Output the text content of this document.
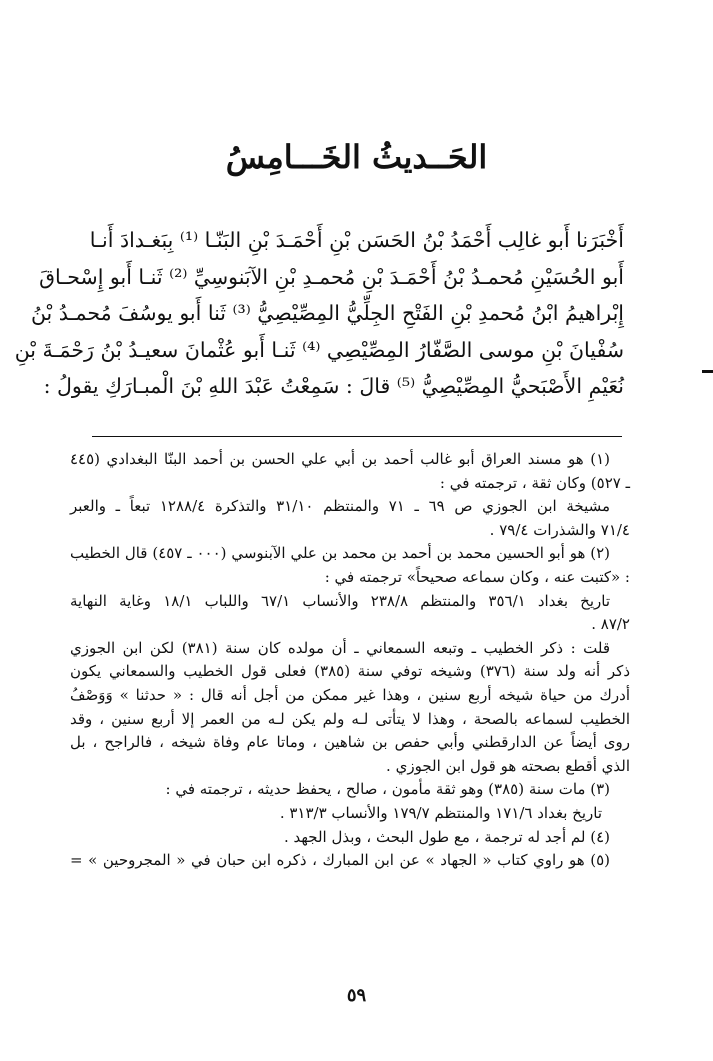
الحَــديثُ الخَـــامِسُ
أَخْبَرَنا أَبو غالِب أَحْمَدُ بْنُ الحَسَن بْنِ أَحْمَـدَ بْنِ البَنّـا ⁽¹⁾ بِبَغـدادَ أَنـا
أَبو الحُسَيْنِ مُحمـدُ بْنُ أَحْمَـدَ بْنِ مُحمـدِ بْنِ الآبَنوسِيِّ ⁽²⁾ ثَنـا أَبو إِسْحـاقَ
إِبْراهيمُ ابْنُ مُحمدِ بْنِ الفَتْحِ الجِلِّيُّ المِصِّيْصِيُّ ⁽³⁾ ثَنا أَبو يوسُفَ مُحمـدُ بْنُ
سُفْيانَ بْنِ موسى الصَّفّارُ المِصِّيْصِي ⁽⁴⁾ ثَنـا أَبو عُثْمانَ سعيـدُ بْنُ رَحْمَـةَ بْنِ
نُعَيْمِ الأَصْبَحيُّ المِصِّيْصِيُّ ⁽⁵⁾ قالَ : سَمِعْتُ عَبْدَ اللهِ بْنَ الْمبـارَكِ يقولُ :
(١) هو مسند العراق أبو غالب أحمد بن أبي علي الحسن بن أحمد البنّا البغدادي (٤٤٥
ـ ٥٢٧) وكان ثقة ، ترجمته في :
مشيخة ابن الجوزي ص ٦٩ ـ ٧١ والمنتظم ٣١/١٠ والتذكرة ١٢٨٨/٤ تبعاً ـ والعبر
٧١/٤ والشذرات ٧٩/٤ .
(٢) هو أبو الحسين محمد بن أحمد بن محمد بن علي الآبنوسي (٠٠٠ ـ ٤٥٧) قال الخطيب
: «كتبت عنه ، وكان سماعه صحيحاً» ترجمته في :
تاريخ بغداد ٣٥٦/١ والمنتظم ٢٣٨/٨ والأنساب ٦٧/١ واللباب ١٨/١ وغاية النهاية
٨٧/٢ .
قلت : ذكر الخطيب ـ وتبعه السمعاني ـ أن مولده كان سنة (٣٨١) لكن ابن الجوزي
ذكر أنه ولد سنة (٣٧٦) وشيخه توفي سنة (٣٨٥) فعلى قول الخطيب والسمعاني يكون
أدرك من حياة شيخه أربع سنين ، وهذا غير ممكن من أجل أنه قال : « حدثنا » وَوَصْفُ
الخطيب لسماعه بالصحة ، وهذا لا يتأتى لـه ولم يكن لـه من العمر إلا أربع سنين ، وقد
روى أيضاً عن الدارقطني وأبي حفص بن شاهين ، وماتا عام وفاة شيخه ، فالراجح ، بل
الذي أقطع بصحته هو قول ابن الجوزي .
(٣) مات سنة (٣٨٥) وهو ثقة مأمون ، صالح ، يحفظ حديثه ، ترجمته في :
تاريخ بغداد ١٧١/٦ والمنتظم ١٧٩/٧ والأنساب ٣١٣/٣ .
(٤) لم أجد له ترجمة ، مع طول البحث ، وبذل الجهد .
(٥) هو راوي كتاب « الجهاد » عن ابن المبارك ، ذكره ابن حبان في « المجروحين » =
٥٩
